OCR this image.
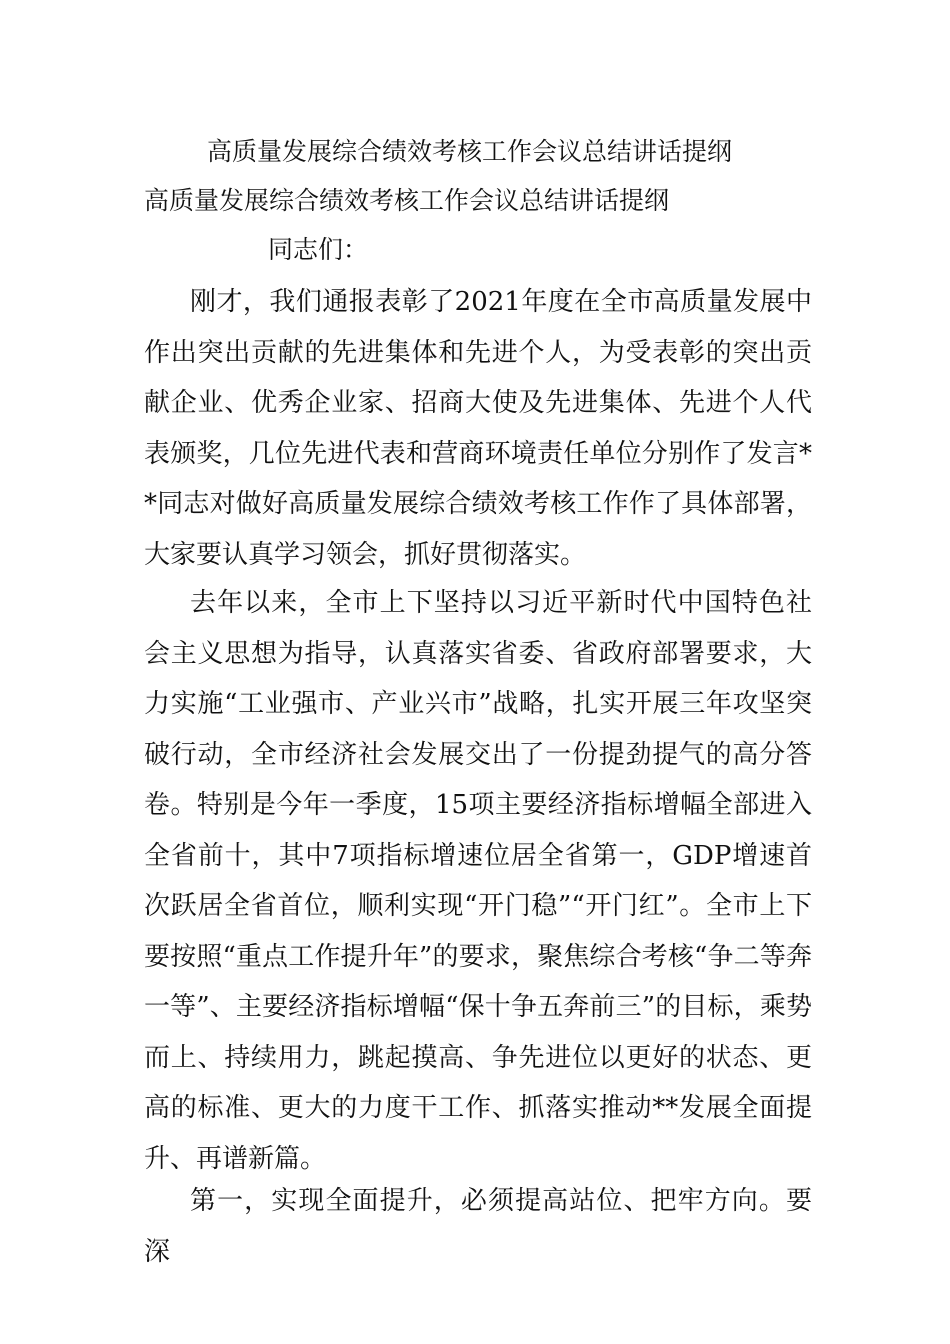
高质量发展综合绩效考核工作会议总结讲话提纲
高质量发展综合绩效考核工作会议总结讲话提纲
同志们：

刚才，我们通报表彰了2021年度在全市高质量发展中作出突出贡献的先进集体和先进个人，为受表彰的突出贡献企业、优秀企业家、招商大使及先进集体、先进个人代表颁奖，几位先进代表和营商环境责任单位分别作了发言**同志对做好高质量发展综合绩效考核工作作了具体部署，大家要认真学习领会，抓好贯彻落实。

去年以来，全市上下坚持以习近平新时代中国特色社会主义思想为指导，认真落实省委、省政府部署要求，大力实施“工业强市、产业兴市”战略，扎实开展三年攻坚突破行动，全市经济社会发展交出了一份提劲提气的高分答卷。特别是今年一季度，15项主要经济指标增幅全部进入全省前十，其中7项指标增速位居全省第一，GDP增速首次跃居全省首位，顺利实现“开门稳”“开门红”。全市上下要按照“重点工作提升年”的要求，聚焦综合考核“争二等奔一等”、主要经济指标增幅“保十争五奔前三”的目标，乘势而上、持续用力，跳起摸高、争先进位以更好的状态、更高的标准、更大的力度干工作、抓落实推动**发展全面提升、再谱新篇。

第一，实现全面提升，必须提高站位、把牢方向。要深
